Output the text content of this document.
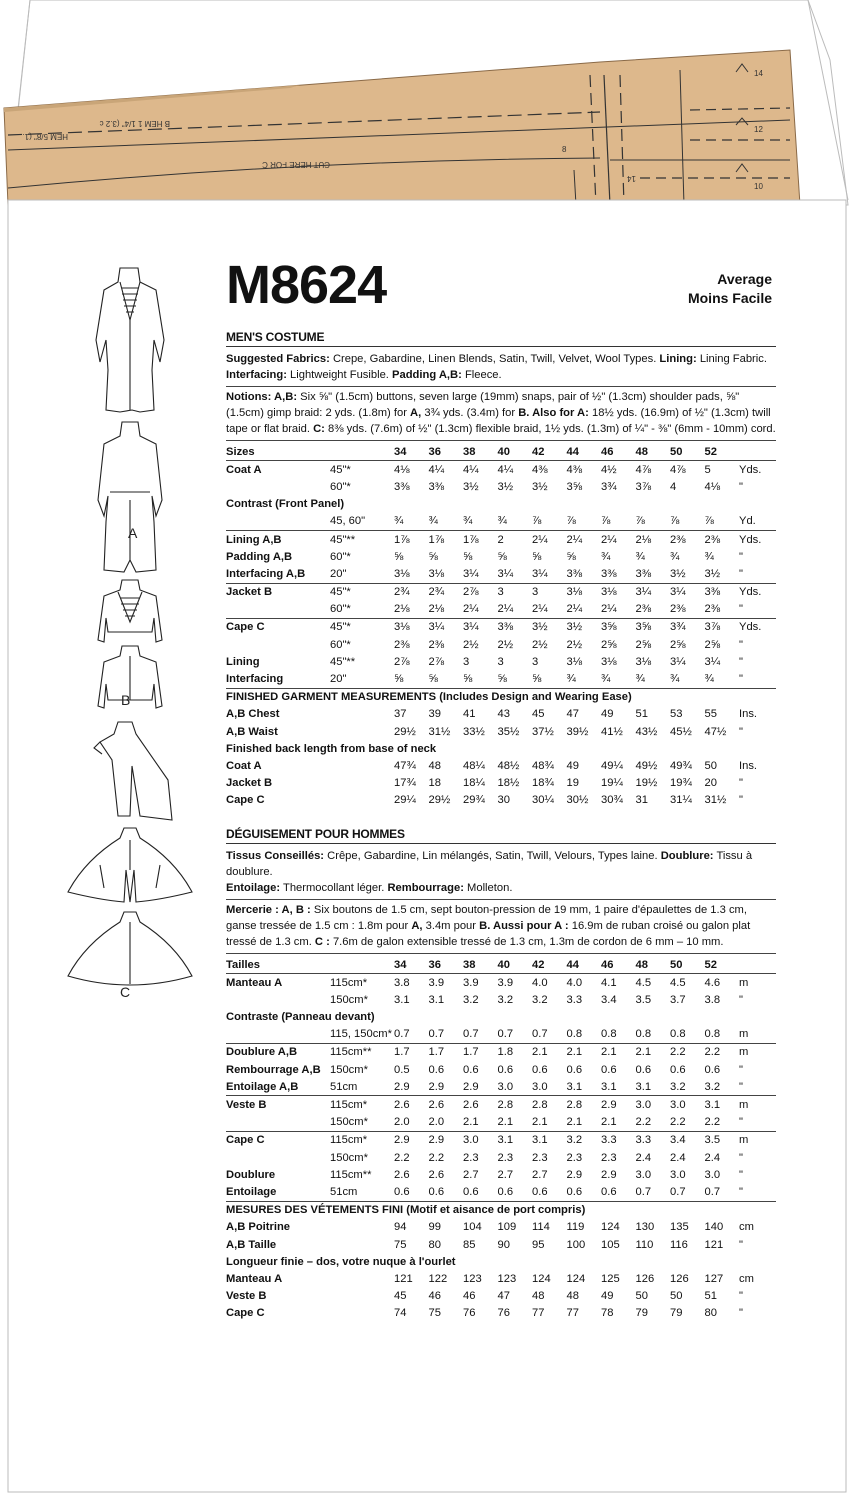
HEM 5/8" (1.
B HEM 1 1/4" (3.2 c
CUT HERE FOR C
8
14
14
12
10
A
B
C
M8624	Average
Moins Facile
MEN'S COSTUME
Suggested Fabrics: Crepe, Gabardine, Linen Blends, Satin, Twill, Velvet, Wool Types. Lining: Lining Fabric.
Interfacing: Lightweight Fusible. Padding A,B: Fleece.
Notions: A,B: Six ⅝" (1.5cm) buttons, seven large (19mm) snaps, pair of ½" (1.3cm) shoulder pads, ⅝" (1.5cm) gimp braid: 2 yds. (1.8m) for A, 3¾ yds. (3.4m) for B. Also for A: 18½ yds. (16.9m) of ½" (1.3cm) twill tape or flat braid. C: 8⅜ yds. (7.6m) of ½" (1.3cm) flexible braid, 1½ yds. (1.3m) of ¼" - ⅜" (6mm - 10mm) cord.
Sizes		34	36	38	40	42	44	46	48	50	52	
Coat A	45"*	4⅛	4¼	4¼	4¼	4⅜	4⅜	4½	4⅞	4⅞	5	Yds.
	60"*	3⅜	3⅜	3½	3½	3½	3⅝	3¾	3⅞	4	4⅛	"
Contrast (Front Panel)												
	45, 60"	¾	¾	¾	¾	⅞	⅞	⅞	⅞	⅞	⅞	Yd.
Lining A,B	45"**	1⅞	1⅞	1⅞	2	2¼	2¼	2¼	2⅛	2⅜	2⅜	Yds.
Padding A,B	60"*	⅝	⅝	⅝	⅝	⅝	⅝	¾	¾	¾	¾	"
Interfacing A,B	20"	3⅛	3⅛	3¼	3¼	3¼	3⅜	3⅜	3⅜	3½	3½	"
Jacket B	45"*	2¾	2¾	2⅞	3	3	3⅛	3⅛	3¼	3¼	3⅜	Yds.
	60"*	2⅛	2⅛	2¼	2¼	2¼	2¼	2¼	2⅜	2⅜	2⅜	"
Cape C	45"*	3⅛	3¼	3¼	3⅜	3½	3½	3⅝	3⅝	3¾	3⅞	Yds.
	60"*	2⅜	2⅜	2½	2½	2½	2½	2⅝	2⅝	2⅝	2⅝	"
Lining	45"**	2⅞	2⅞	3	3	3	3⅛	3⅛	3⅛	3¼	3¼	"
Interfacing	20"	⅝	⅝	⅝	⅝	⅝	¾	¾	¾	¾	¾	"
FINISHED GARMENT MEASUREMENTS (Includes Design and Wearing Ease)												
A,B Chest		37	39	41	43	45	47	49	51	53	55	Ins.
A,B Waist		29½	31½	33½	35½	37½	39½	41½	43½	45½	47½	"
Finished back length from base of neck												
Coat A		47¾	48	48¼	48½	48¾	49	49¼	49½	49¾	50	Ins.
Jacket B		17¾	18	18¼	18½	18¾	19	19¼	19½	19¾	20	"
Cape C		29¼	29½	29¾	30	30¼	30½	30¾	31	31¼	31½	"
DÉGUISEMENT POUR HOMMES
Tissus Conseillés: Crêpe, Gabardine, Lin mélangés, Satin, Twill, Velours, Types laine. Doublure: Tissu à doublure.
Entoilage: Thermocollant léger. Rembourrage: Molleton.
Mercerie : A, B : Six boutons de 1.5 cm, sept bouton-pression de 19 mm, 1 paire d'épaulettes de 1.3 cm, ganse tressée de 1.5 cm : 1.8m pour A, 3.4m pour B. Aussi pour A : 16.9m de ruban croisé ou galon plat tressé de 1.3 cm. C : 7.6m de galon extensible tressé de 1.3 cm, 1.3m de cordon de 6 mm – 10 mm.
Tailles		34	36	38	40	42	44	46	48	50	52	
Manteau A	115cm*	3.8	3.9	3.9	3.9	4.0	4.0	4.1	4.5	4.5	4.6	m
	150cm*	3.1	3.1	3.2	3.2	3.2	3.3	3.4	3.5	3.7	3.8	"
Contraste (Panneau devant)												
	115, 150cm*	0.7	0.7	0.7	0.7	0.7	0.8	0.8	0.8	0.8	0.8	m
Doublure A,B	115cm**	1.7	1.7	1.7	1.8	2.1	2.1	2.1	2.1	2.2	2.2	m
Rembourrage A,B	150cm*	0.5	0.6	0.6	0.6	0.6	0.6	0.6	0.6	0.6	0.6	"
Entoilage A,B	51cm	2.9	2.9	2.9	3.0	3.0	3.1	3.1	3.1	3.2	3.2	"
Veste B	115cm*	2.6	2.6	2.6	2.8	2.8	2.8	2.9	3.0	3.0	3.1	m
	150cm*	2.0	2.0	2.1	2.1	2.1	2.1	2.1	2.2	2.2	2.2	"
Cape C	115cm*	2.9	2.9	3.0	3.1	3.1	3.2	3.3	3.3	3.4	3.5	m
	150cm*	2.2	2.2	2.3	2.3	2.3	2.3	2.3	2.4	2.4	2.4	"
Doublure	115cm**	2.6	2.6	2.7	2.7	2.7	2.9	2.9	3.0	3.0	3.0	"
Entoilage	51cm	0.6	0.6	0.6	0.6	0.6	0.6	0.6	0.7	0.7	0.7	"
MESURES DES VÉTEMENTS FINI (Motif et aisance de port compris)												
A,B Poitrine		94	99	104	109	114	119	124	130	135	140	cm
A,B Taille		75	80	85	90	95	100	105	110	116	121	"
Longueur finie – dos, votre nuque à l'ourlet												
Manteau A		121	122	123	123	124	124	125	126	126	127	cm
Veste B		45	46	46	47	48	48	49	50	50	51	"
Cape C		74	75	76	76	77	77	78	79	79	80	"
